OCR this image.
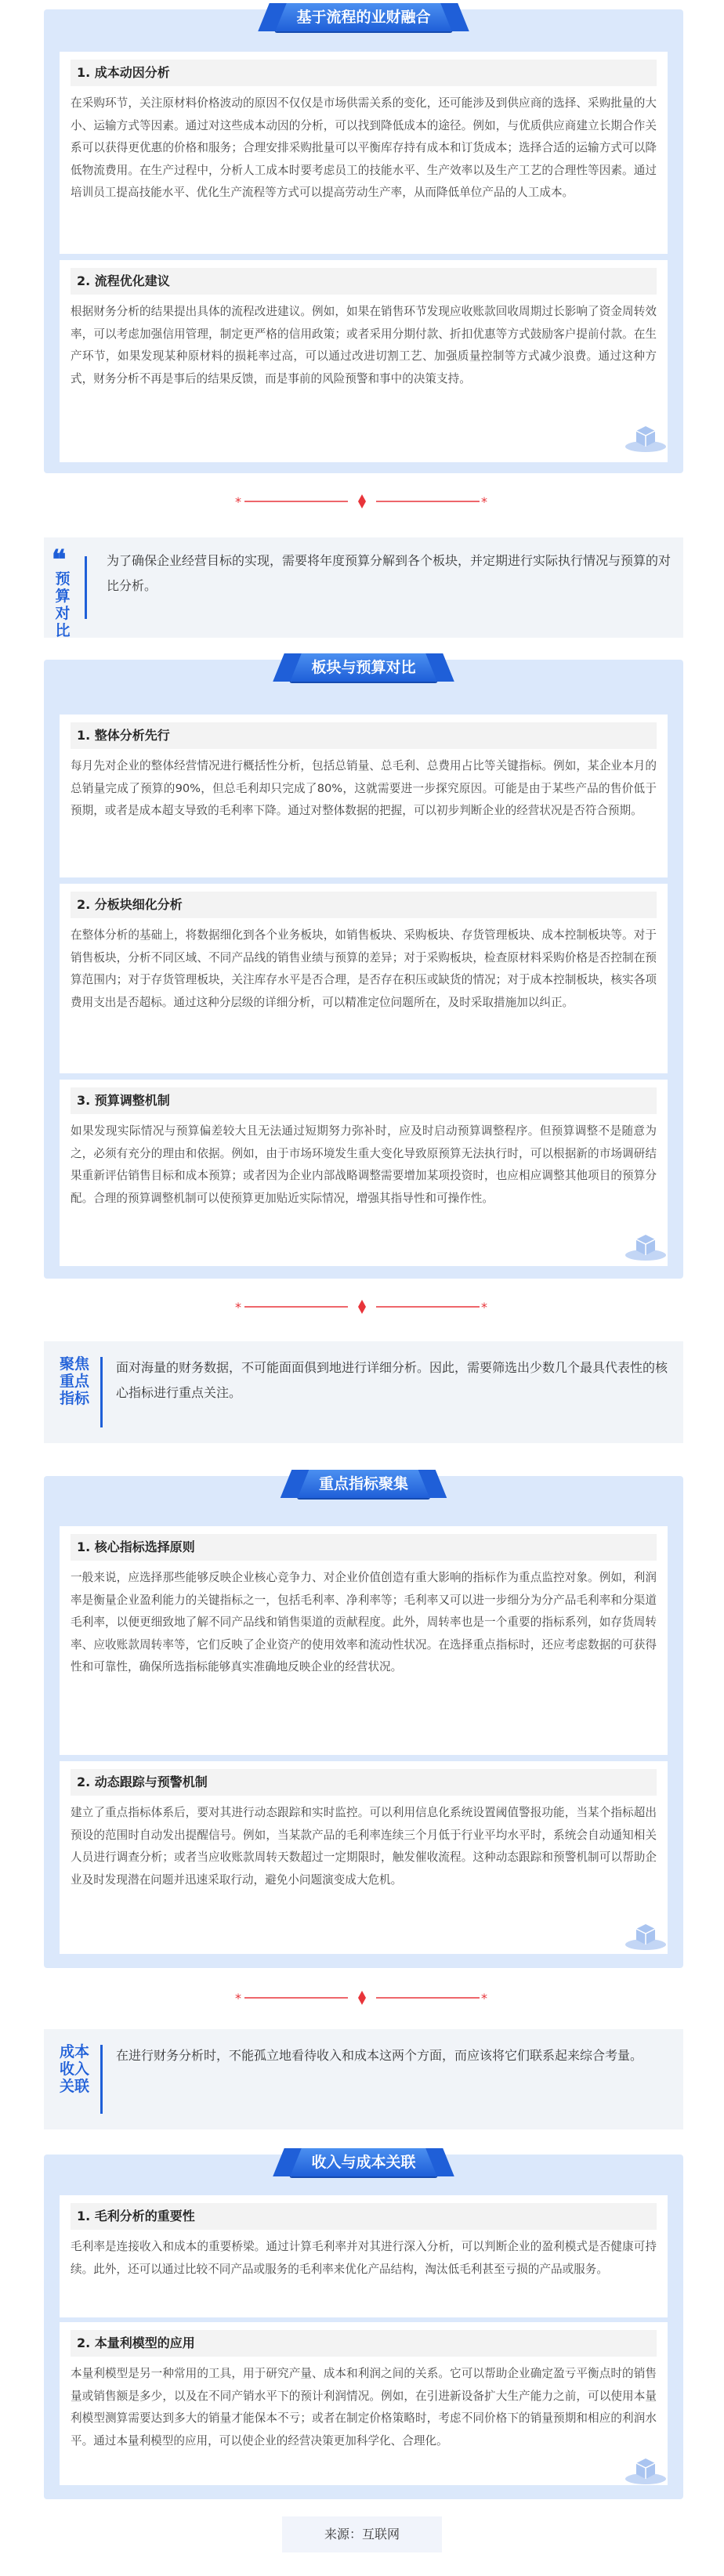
基于流程的业财融合
1. 成本动因分析

在采购环节，关注原材料价格波动的原因不仅仅是市场供需关系的变化，还可能涉及到供应商的选择、采购批量的大小、运输方式等因素。通过对这些成本动因的分析，可以找到降低成本的途径。例如，与优质供应商建立长期合作关系可以获得更优惠的价格和服务；合理安排采购批量可以平衡库存持有成本和订货成本；选择合适的运输方式可以降低物流费用。在生产过程中，分析人工成本时要考虑员工的技能水平、生产效率以及生产工艺的合理性等因素。通过培训员工提高技能水平、优化生产流程等方式可以提高劳动生产率，从而降低单位产品的人工成本。

2. 流程优化建议

根据财务分析的结果提出具体的流程改进建议。例如，如果在销售环节发现应收账款回收周期过长影响了资金周转效率，可以考虑加强信用管理，制定更严格的信用政策；或者采用分期付款、折扣优惠等方式鼓励客户提前付款。在生产环节，如果发现某种原材料的损耗率过高，可以通过改进切割工艺、加强质量控制等方式减少浪费。通过这种方式，财务分析不再是事后的结果反馈，而是事前的风险预警和事中的决策支持。

*	*
❝
预算对比
为了确保企业经营目标的实现，需要将年度预算分解到各个板块，并定期进行实际执行情况与预算的对比分析。
板块与预算对比
1. 整体分析先行

每月先对企业的整体经营情况进行概括性分析，包括总销量、总毛利、总费用占比等关键指标。例如，某企业本月的总销量完成了预算的90%，但总毛利却只完成了80%，这就需要进一步探究原因。可能是由于某些产品的售价低于预期，或者是成本超支导致的毛利率下降。通过对整体数据的把握，可以初步判断企业的经营状况是否符合预期。

2. 分板块细化分析

在整体分析的基础上，将数据细化到各个业务板块，如销售板块、采购板块、存货管理板块、成本控制板块等。对于销售板块，分析不同区域、不同产品线的销售业绩与预算的差异；对于采购板块，检查原材料采购价格是否控制在预算范围内；对于存货管理板块，关注库存水平是否合理，是否存在积压或缺货的情况；对于成本控制板块，核实各项费用支出是否超标。通过这种分层级的详细分析，可以精准定位问题所在，及时采取措施加以纠正。

3. 预算调整机制

如果发现实际情况与预算偏差较大且无法通过短期努力弥补时，应及时启动预算调整程序。但预算调整不是随意为之，必须有充分的理由和依据。例如，由于市场环境发生重大变化导致原预算无法执行时，可以根据新的市场调研结果重新评估销售目标和成本预算；或者因为企业内部战略调整需要增加某项投资时，也应相应调整其他项目的预算分配。合理的预算调整机制可以使预算更加贴近实际情况，增强其指导性和可操作性。

*	*
聚焦重点指标
面对海量的财务数据，不可能面面俱到地进行详细分析。因此，需要筛选出少数几个最具代表性的核心指标进行重点关注。
重点指标聚集
1. 核心指标选择原则

一般来说，应选择那些能够反映企业核心竞争力、对企业价值创造有重大影响的指标作为重点监控对象。例如，利润率是衡量企业盈利能力的关键指标之一，包括毛利率、净利率等；毛利率又可以进一步细分为分产品毛利率和分渠道毛利率，以便更细致地了解不同产品线和销售渠道的贡献程度。此外，周转率也是一个重要的指标系列，如存货周转率、应收账款周转率等，它们反映了企业资产的使用效率和流动性状况。在选择重点指标时，还应考虑数据的可获得性和可靠性，确保所选指标能够真实准确地反映企业的经营状况。

2. 动态跟踪与预警机制

建立了重点指标体系后，要对其进行动态跟踪和实时监控。可以利用信息化系统设置阈值警报功能，当某个指标超出预设的范围时自动发出提醒信号。例如，当某款产品的毛利率连续三个月低于行业平均水平时，系统会自动通知相关人员进行调查分析；或者当应收账款周转天数超过一定期限时，触发催收流程。这种动态跟踪和预警机制可以帮助企业及时发现潜在问题并迅速采取行动，避免小问题演变成大危机。

*	*
成本收入关联
在进行财务分析时，不能孤立地看待收入和成本这两个方面，而应该将它们联系起来综合考量。
收入与成本关联
1. 毛利分析的重要性

毛利率是连接收入和成本的重要桥梁。通过计算毛利率并对其进行深入分析，可以判断企业的盈利模式是否健康可持续。此外，还可以通过比较不同产品或服务的毛利率来优化产品结构，淘汰低毛利甚至亏损的产品或服务。

2. 本量利模型的应用

本量利模型是另一种常用的工具，用于研究产量、成本和利润之间的关系。它可以帮助企业确定盈亏平衡点时的销售量或销售额是多少，以及在不同产销水平下的预计利润情况。例如，在引进新设备扩大生产能力之前，可以使用本量利模型测算需要达到多大的销量才能保本不亏；或者在制定价格策略时，考虑不同价格下的销量预期和相应的利润水平。通过本量利模型的应用，可以使企业的经营决策更加科学化、合理化。

来源：互联网
